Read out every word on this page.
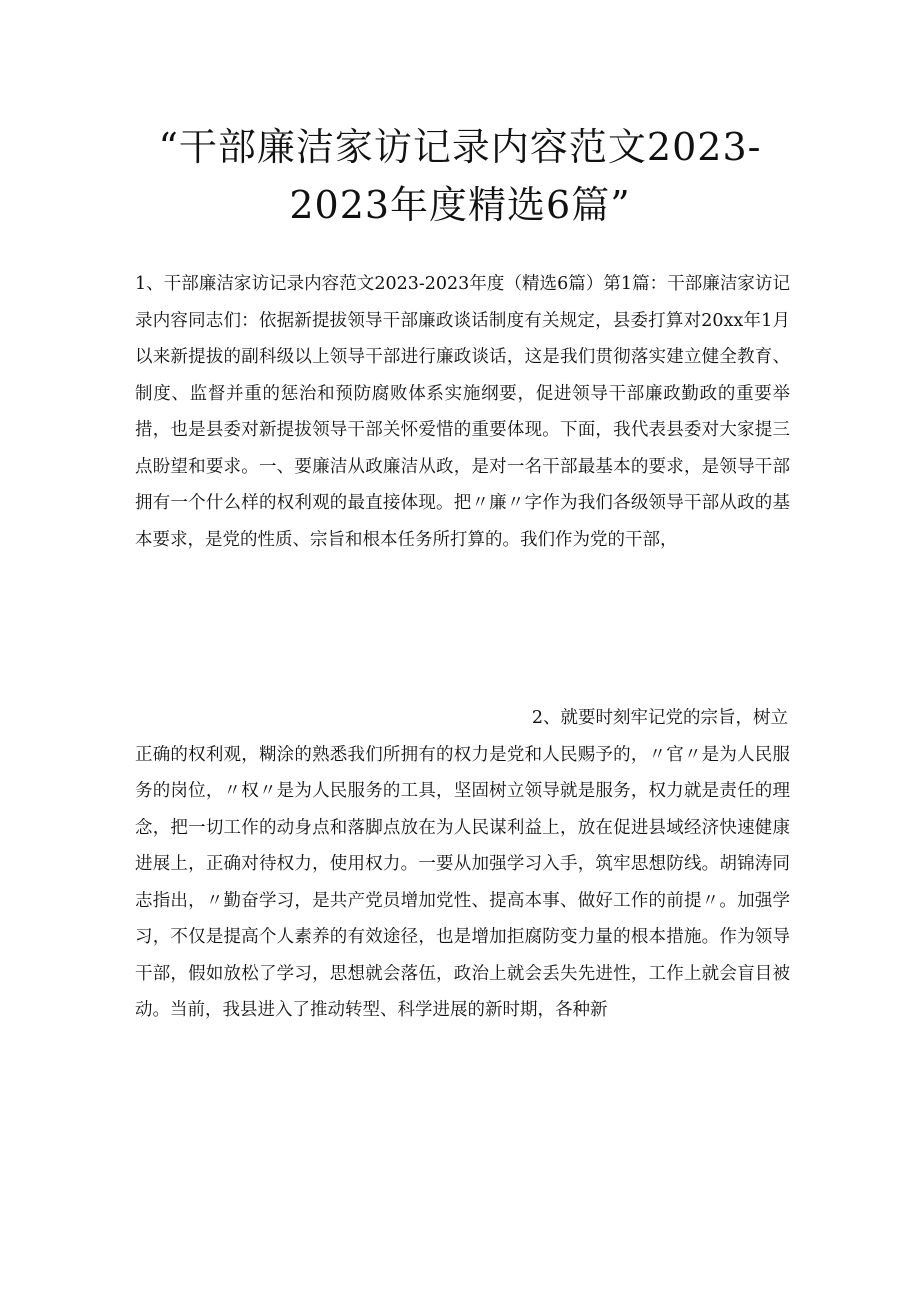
“干部廉洁家访记录内容范文2023-2023年度精选6篇”

1、干部廉洁家访记录内容范文2023-2023年度（精选6篇）第1篇：干部廉洁家访记录内容同志们：依据新提拔领导干部廉政谈话制度有关规定，县委打算对20xx年1月以来新提拔的副科级以上领导干部进行廉政谈话，这是我们贯彻落实建立健全教育、制度、监督并重的惩治和预防腐败体系实施纲要，促进领导干部廉政勤政的重要举措，也是县委对新提拔领导干部关怀爱惜的重要体现。下面，我代表县委对大家提三点盼望和要求。一、要廉洁从政廉洁从政，是对一名干部最基本的要求，是领导干部拥有一个什么样的权利观的最直接体现。把〃廉〃字作为我们各级领导干部从政的基本要求，是党的性质、宗旨和根本任务所打算的。我们作为党的干部，

2、就要时刻牢记党的宗旨，树立
正确的权利观，糊涂的熟悉我们所拥有的权力是党和人民赐予的，〃官〃是为人民服务的岗位，〃权〃是为人民服务的工具，坚固树立领导就是服务，权力就是责任的理念，把一切工作的动身点和落脚点放在为人民谋利益上，放在促进县域经济快速健康进展上，正确对待权力，使用权力。一要从加强学习入手，筑牢思想防线。胡锦涛同志指出，〃勤奋学习，是共产党员增加党性、提高本事、做好工作的前提〃。加强学习，不仅是提高个人素养的有效途径，也是增加拒腐防变力量的根本措施。作为领导干部，假如放松了学习，思想就会落伍，政治上就会丢失先进性，工作上就会盲目被动。当前，我县进入了推动转型、科学进展的新时期，各种新
